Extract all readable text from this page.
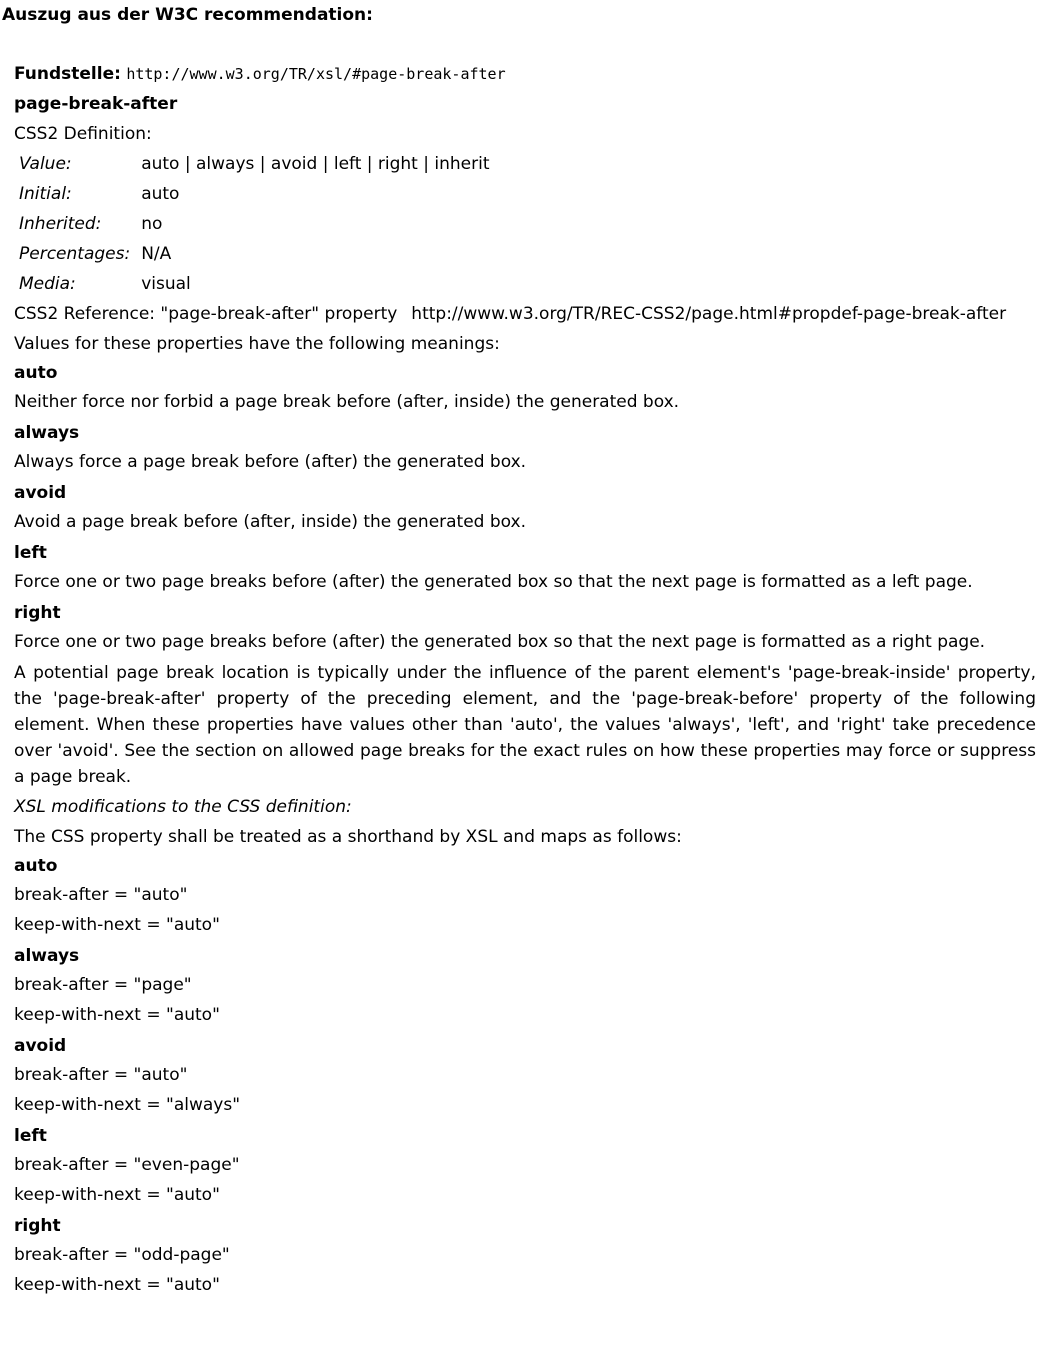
Auszug aus der W3C recommendation:
Fundstelle: http://www.w3.org/TR/xsl/#page-break-after
page-break-after
CSS2 Definition:
Value:	auto | always | avoid | left | right | inherit
Initial:	auto
Inherited:	no
Percentages:	N/A
Media:	visual
CSS2 Reference: "page-break-after" property http://www.w3.org/TR/REC-CSS2/page.html#propdef-page-break-after
Values for these properties have the following meanings:
auto
Neither force nor forbid a page break before (after, inside) the generated box.
always
Always force a page break before (after) the generated box.
avoid
Avoid a page break before (after, inside) the generated box.
left
Force one or two page breaks before (after) the generated box so that the next page is formatted as a left page.
right
Force one or two page breaks before (after) the generated box so that the next page is formatted as a right page.
A potential page break location is typically under the influence of the parent element's 'page-break-inside' property, the 'page-break-after' property of the preceding element, and the 'page-break-before' property of the following element. When these properties have values other than 'auto', the values 'always', 'left', and 'right' take precedence over 'avoid'. See the section on allowed page breaks for the exact rules on how these properties may force or suppress a page break.
XSL modifications to the CSS definition:
The CSS property shall be treated as a shorthand by XSL and maps as follows:
auto
break-after = "auto"
keep-with-next = "auto"
always
break-after = "page"
keep-with-next = "auto"
avoid
break-after = "auto"
keep-with-next = "always"
left
break-after = "even-page"
keep-with-next = "auto"
right
break-after = "odd-page"
keep-with-next = "auto"
